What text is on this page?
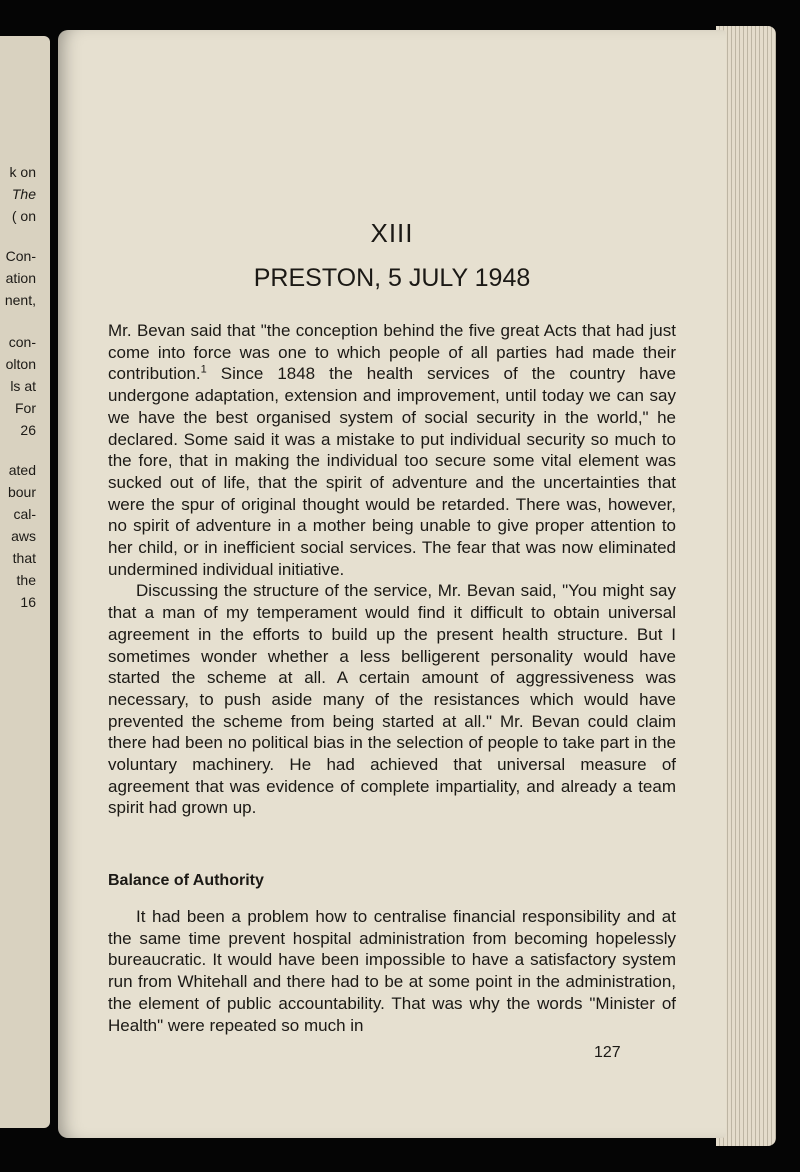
k on
The
( on
Con-
ation
nent,
con-
olton
ls at
For
26
ated
bour
cal-
aws
that
the
16
XIII
PRESTON, 5 JULY 1948

Mr. Bevan said that "the conception behind the five great Acts that had just come into force was one to which people of all parties had made their contribution.$^1$ Since 1848 the health services of the country have undergone adaptation, extension and improvement, until today we can say we have the best organised system of social security in the world," he declared. Some said it was a mistake to put individual security so much to the fore, that in making the individual too secure some vital element was sucked out of life, that the spirit of adventure and the uncertainties that were the spur of original thought would be retarded. There was, however, no spirit of adventure in a mother being unable to give proper attention to her child, or in inefficient social services. The fear that was now eliminated undermined individual initiative.

Discussing the structure of the service, Mr. Bevan said, "You might say that a man of my temperament would find it difficult to obtain universal agreement in the efforts to build up the present health structure. But I sometimes wonder whether a less belligerent personality would have started the scheme at all. A certain amount of aggressiveness was necessary, to push aside many of the resistances which would have prevented the scheme from being started at all." Mr. Bevan could claim there had been no political bias in the selection of people to take part in the voluntary machinery. He had achieved that universal measure of agreement that was evidence of complete impartiality, and already a team spirit had grown up.

Balance of Authority
It had been a problem how to centralise financial responsibility and at the same time prevent hospital administration from becoming hopelessly bureaucratic. It would have been impossible to have a satisfactory system run from Whitehall and there had to be at some point in the administration, the element of public accountability. That was why the words "Minister of Health" were repeated so much in
127
